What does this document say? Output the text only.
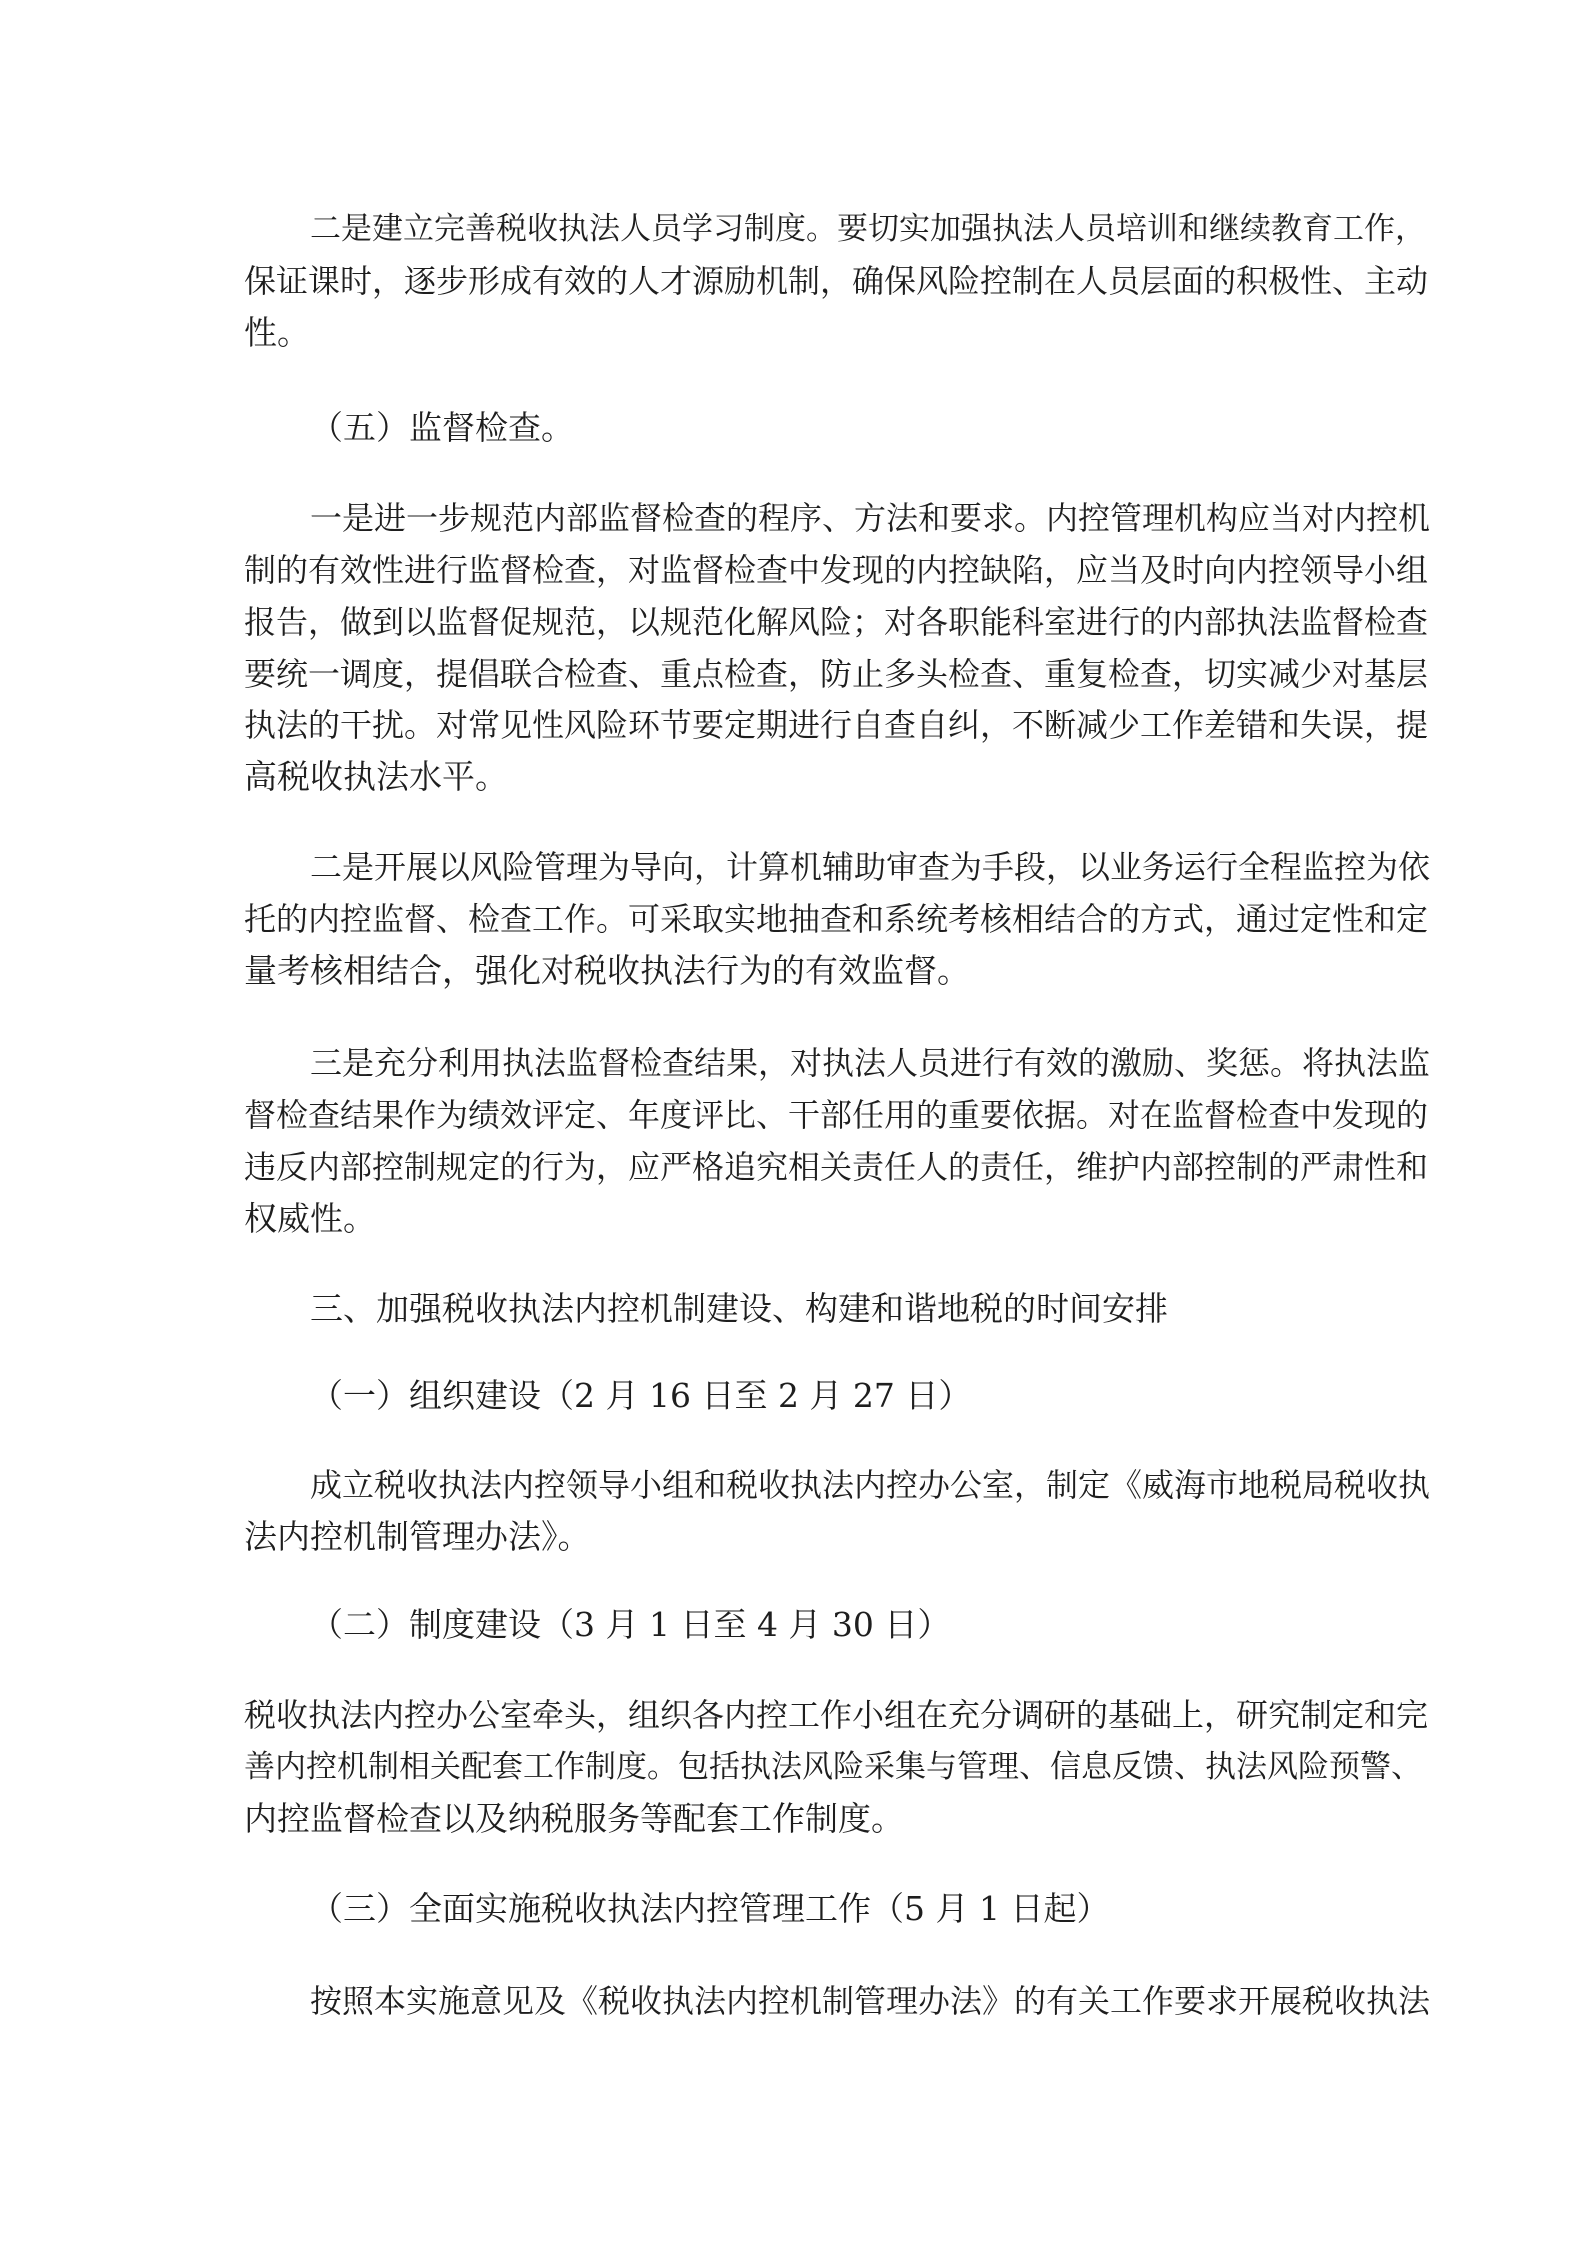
二是建立完善税收执法人员学习制度。要切实加强执法人员培训和继续教育工作，

保证课时，逐步形成有效的人才源励机制，确保风险控制在人员层面的积极性、主动

性。

（五）监督检查。

一是进一步规范内部监督检查的程序、方法和要求。内控管理机构应当对内控机

制的有效性进行监督检查，对监督检查中发现的内控缺陷，应当及时向内控领导小组

报告，做到以监督促规范，以规范化解风险；对各职能科室进行的内部执法监督检查

要统一调度，提倡联合检查、重点检查，防止多头检查、重复检查，切实减少对基层

执法的干扰。对常见性风险环节要定期进行自查自纠，不断减少工作差错和失误，提

高税收执法水平。

二是开展以风险管理为导向，计算机辅助审查为手段，以业务运行全程监控为依

托的内控监督、检查工作。可采取实地抽查和系统考核相结合的方式，通过定性和定

量考核相结合，强化对税收执法行为的有效监督。

三是充分利用执法监督检查结果，对执法人员进行有效的激励、奖惩。将执法监

督检查结果作为绩效评定、年度评比、干部任用的重要依据。对在监督检查中发现的

违反内部控制规定的行为，应严格追究相关责任人的责任，维护内部控制的严肃性和

权威性。

三、加强税收执法内控机制建设、构建和谐地税的时间安排

（一）组织建设（2 月 16 日至 2 月 27 日）

成立税收执法内控领导小组和税收执法内控办公室，制定《威海市地税局税收执

法内控机制管理办法》。

（二）制度建设（3 月 1 日至 4 月 30 日）

税收执法内控办公室牵头，组织各内控工作小组在充分调研的基础上，研究制定和完

善内控机制相关配套工作制度。包括执法风险采集与管理、信息反馈、执法风险预警、

内控监督检查以及纳税服务等配套工作制度。

（三）全面实施税收执法内控管理工作（5 月 1 日起）

按照本实施意见及《税收执法内控机制管理办法》的有关工作要求开展税收执法
